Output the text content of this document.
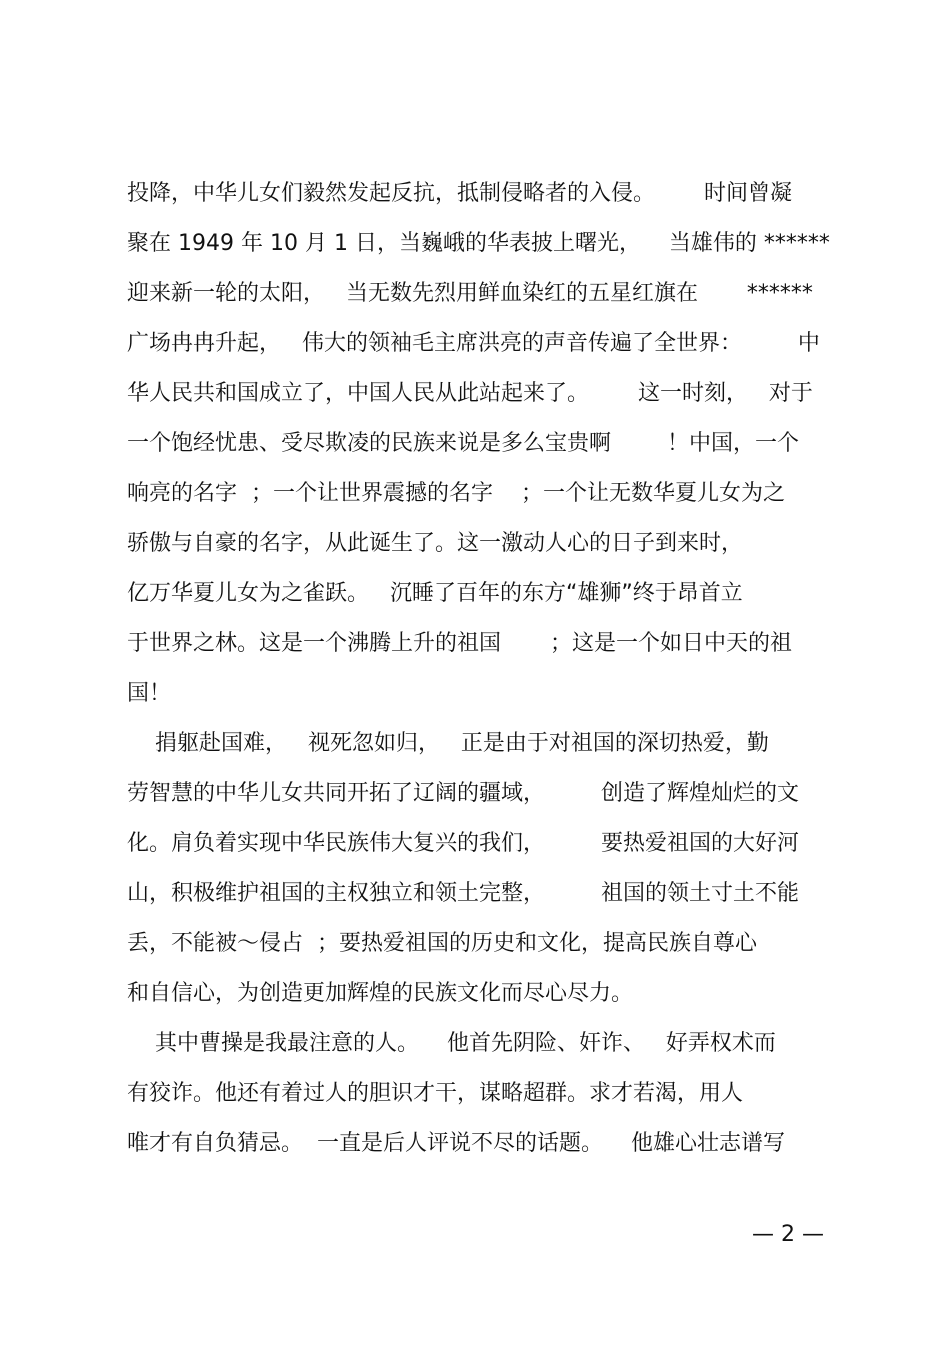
投降，中华儿女们毅然发起反抗，抵制侵略者的入侵。       时间曾凝
聚在 1949 年 10 月 1 日，当巍峨的华表披上曙光，    当雄伟的 ******
迎来新一轮的太阳，   当无数先烈用鲜血染红的五星红旗在       ******
广场冉冉升起，   伟大的领袖毛主席洪亮的声音传遍了全世界：        中
华人民共和国成立了，中国人民从此站起来了。       这一时刻，   对于
一个饱经忧患、受尽欺凌的民族来说是多么宝贵啊        ！中国，一个
响亮的名字  ；一个让世界震撼的名字    ；一个让无数华夏儿女为之
骄傲与自豪的名字，从此诞生了。这一激动人心的日子到来时，
亿万华夏儿女为之雀跃。   沉睡了百年的东方“雄狮”终于昂首立
于世界之林。这是一个沸腾上升的祖国       ；这是一个如日中天的祖
国！
捐躯赴国难，   视死忽如归，   正是由于对祖国的深切热爱，勤
劳智慧的中华儿女共同开拓了辽阔的疆域，        创造了辉煌灿烂的文
化。肩负着实现中华民族伟大复兴的我们，        要热爱祖国的大好河
山，积极维护祖国的主权独立和领土完整，        祖国的领土寸土不能
丢，不能被～侵占  ；要热爱祖国的历史和文化，提高民族自尊心
和自信心，为创造更加辉煌的民族文化而尽心尽力。
其中曹操是我最注意的人。    他首先阴险、奸诈、   好弄权术而
有狡诈。他还有着过人的胆识才干，谋略超群。求才若渴，用人
唯才有自负猜忌。  一直是后人评说不尽的话题。    他雄心壮志谱写
— 2 —
